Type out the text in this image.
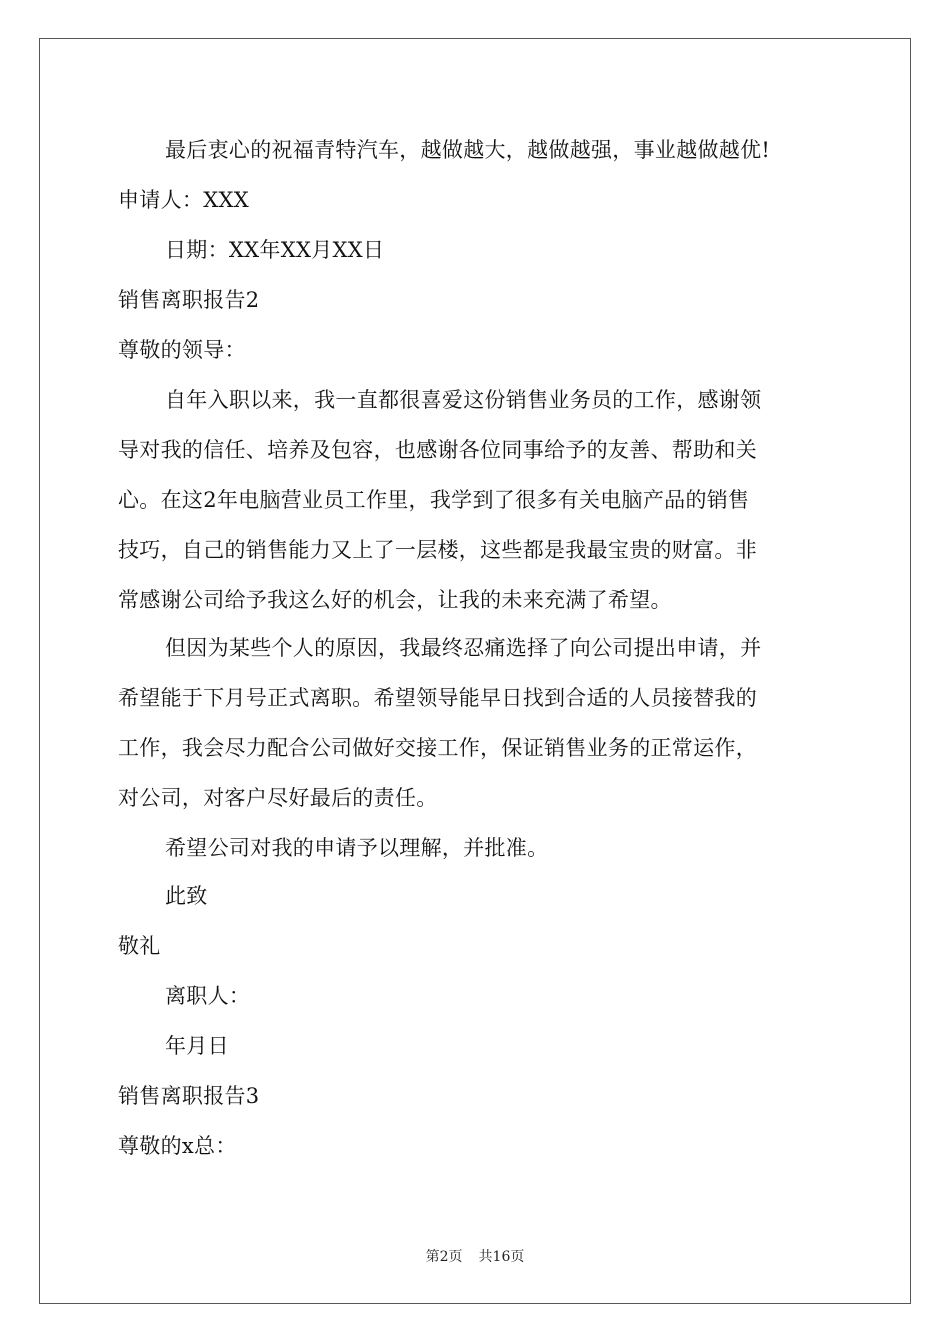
最后衷心的祝福青特汽车，越做越大，越做越强，事业越做越优!
申请人：XXX
日期：XX年XX月XX日
销售离职报告2
尊敬的领导：
自年入职以来，我一直都很喜爱这份销售业务员的工作，感谢领
导对我的信任、培养及包容，也感谢各位同事给予的友善、帮助和关
心。在这2年电脑营业员工作里，我学到了很多有关电脑产品的销售
技巧，自己的销售能力又上了一层楼，这些都是我最宝贵的财富。非
常感谢公司给予我这么好的机会，让我的未来充满了希望。
但因为某些个人的原因，我最终忍痛选择了向公司提出申请，并
希望能于下月号正式离职。希望领导能早日找到合适的人员接替我的
工作，我会尽力配合公司做好交接工作，保证销售业务的正常运作，
对公司，对客户尽好最后的责任。
希望公司对我的申请予以理解，并批准。
此致
敬礼
离职人：
年月日
销售离职报告3
尊敬的x总：
第2页 共16页
